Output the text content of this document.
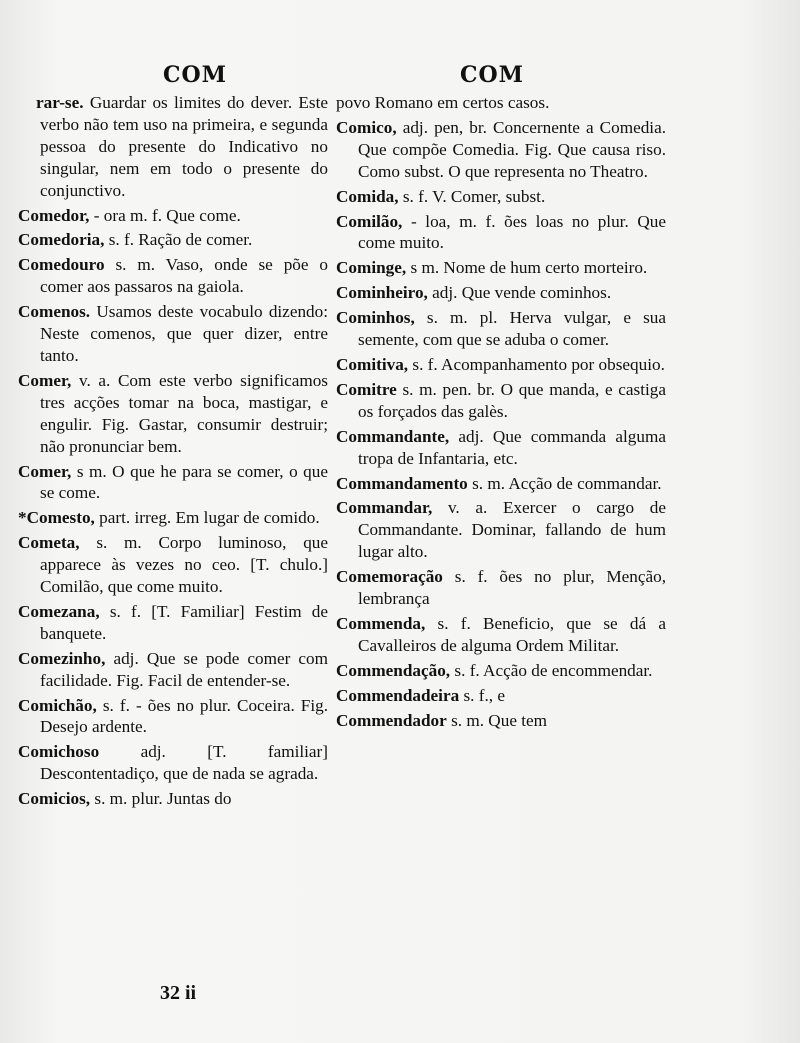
COM	COM

rar-se. Guardar os limites do dever. Este verbo não tem uso na primeira, e segunda pessoa do presente do Indicativo no singular, nem em todo o presente do conjunctivo.

Comedor, - ora m. f. Que come.

Comedoria, s. f. Ração de comer.

Comedouro s. m. Vaso, onde se põe o comer aos passaros na gaiola.

Comenos. Usamos deste vocabulo dizendo: Neste comenos, que quer dizer, entre tanto.

Comer, v. a. Com este verbo significamos tres acções tomar na boca, mastigar, e engulir. Fig. Gastar, consumir destruir; não pronunciar bem.

Comer, s m. O que he para se comer, o que se come.

*Comesto, part. irreg. Em lugar de comido.

Cometa, s. m. Corpo luminoso, que apparece às vezes no ceo. [T. chulo.] Comilão, que come muito.

Comezana, s. f. [T. Familiar] Festim de banquete.

Comezinho, adj. Que se pode comer com facilidade. Fig. Facil de entender-se.

Comichão, s. f. - ões no plur. Coceira. Fig. Desejo ardente.

Comichoso adj. [T. familiar] Descontentadiço, que de nada se agrada.

Comicios, s. m. plur. Juntas do

povo Romano em certos casos.

Comico, adj. pen, br. Concernente a Comedia. Que compõe Comedia. Fig. Que causa riso. Como subst. O que representa no Theatro.

Comida, s. f. V. Comer, subst.

Comilão, - loa, m. f. ões loas no plur. Que come muito.

Cominge, s m. Nome de hum certo morteiro.

Cominheiro, adj. Que vende cominhos.

Cominhos, s. m. pl. Herva vulgar, e sua semente, com que se aduba o comer.

Comitiva, s. f. Acompanhamento por obsequio.

Comitre s. m. pen. br. O que manda, e castiga os forçados das galès.

Commandante, adj. Que commanda alguma tropa de Infantaria, etc.

Commandamento s. m. Acção de commandar.

Commandar, v. a. Exercer o cargo de Commandante. Dominar, fallando de hum lugar alto.

Comemoração s. f. ões no plur, Menção, lembrança

Commenda, s. f. Beneficio, que se dá a Cavalleiros de alguma Ordem Militar.

Commendação, s. f. Acção de encommendar.

Commendadeira s. f., e

Commendador s. m. Que tem

32 ii
